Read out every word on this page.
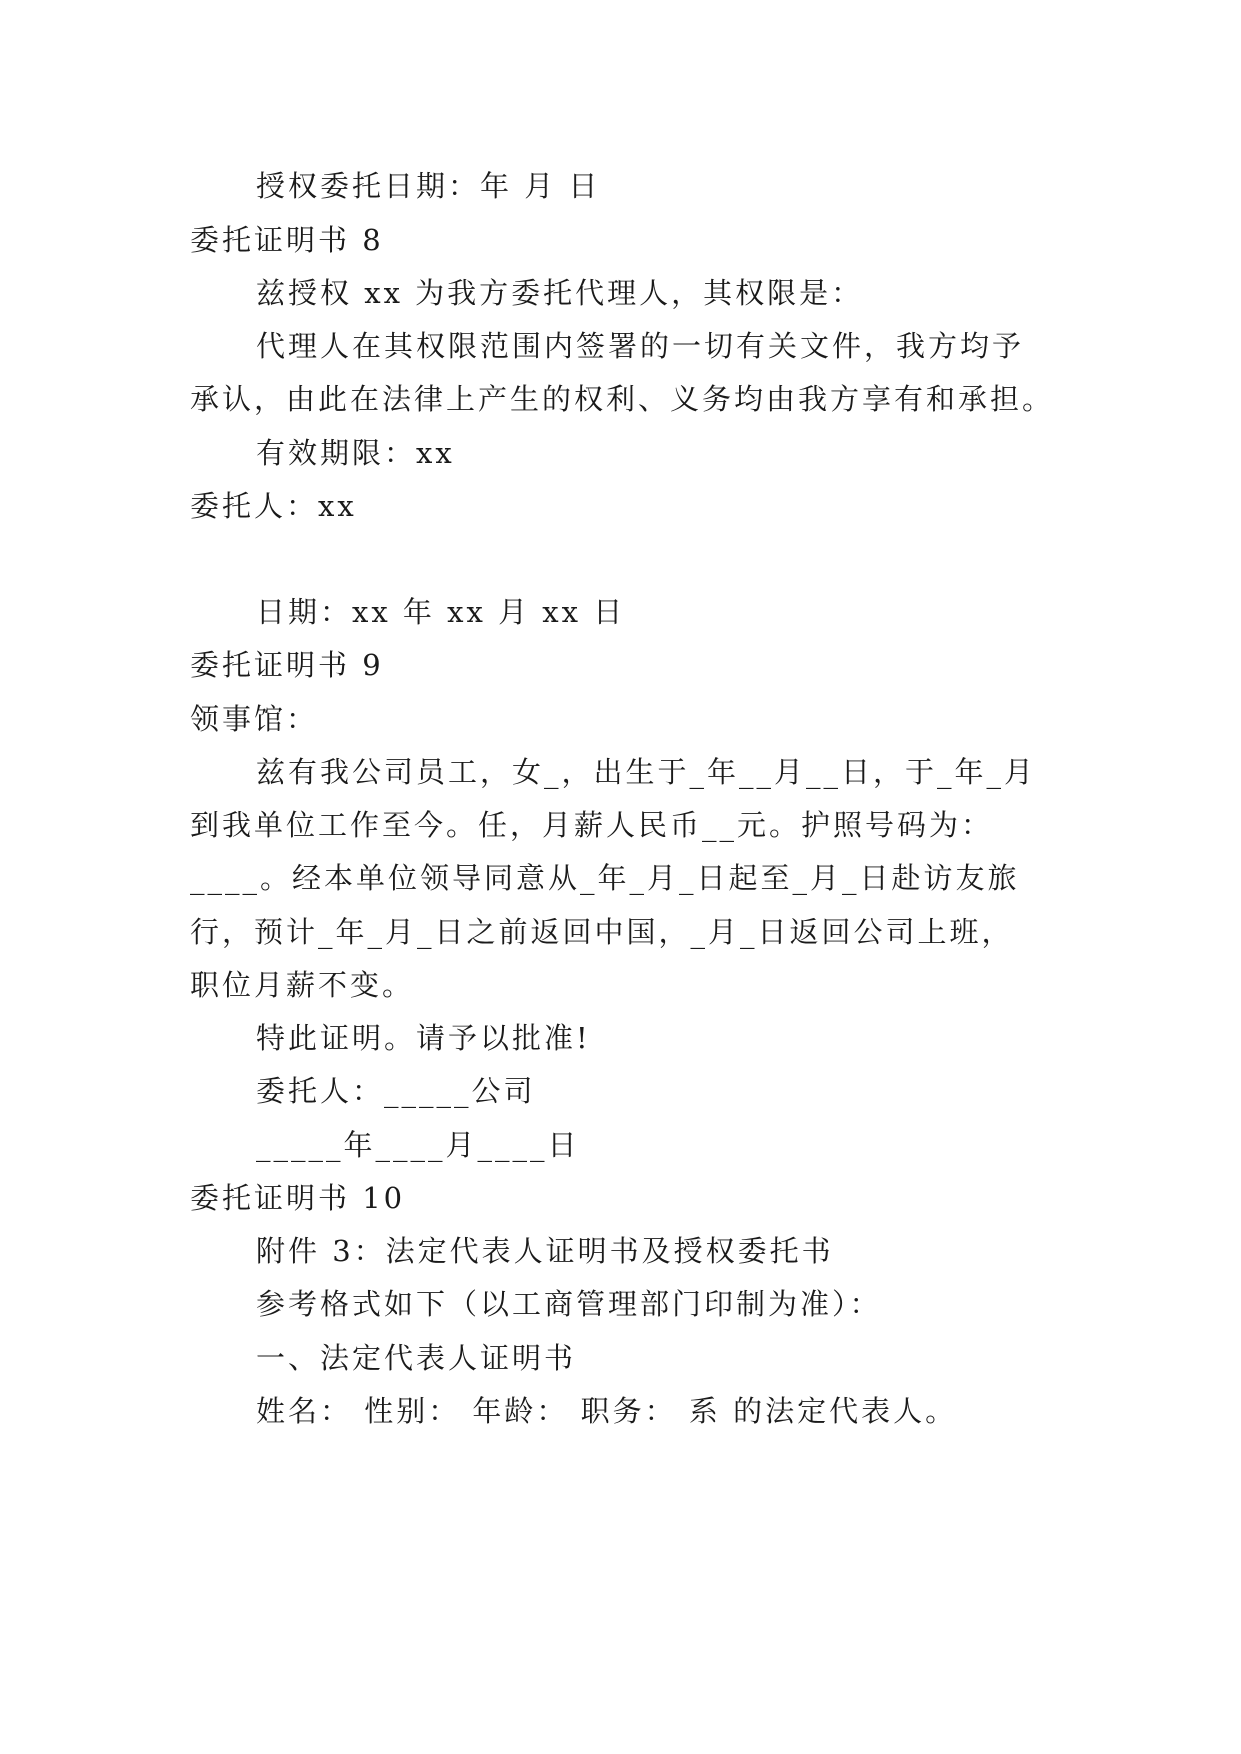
授权委托日期：年 月 日
委托证明书 8
兹授权 xx 为我方委托代理人，其权限是：
代理人在其权限范围内签署的一切有关文件，我方均予
承认，由此在法律上产生的权利、义务均由我方享有和承担。
有效期限：xx
委托人：xx
日期：xx 年 xx 月 xx 日
委托证明书 9
领事馆：
兹有我公司员工，女_，出生于_年__月__日，于_年_月
到我单位工作至今。任，月薪人民币__元。护照号码为：
____。经本单位领导同意从_年_月_日起至_月_日赴访友旅
行，预计_年_月_日之前返回中国，_月_日返回公司上班，
职位月薪不变。
特此证明。请予以批准!
委托人：_____公司
_____年____月____日
委托证明书 10
附件 3：法定代表人证明书及授权委托书
参考格式如下（以工商管理部门印制为准）：
一、法定代表人证明书
姓名： 性别： 年龄： 职务： 系 的法定代表人。
